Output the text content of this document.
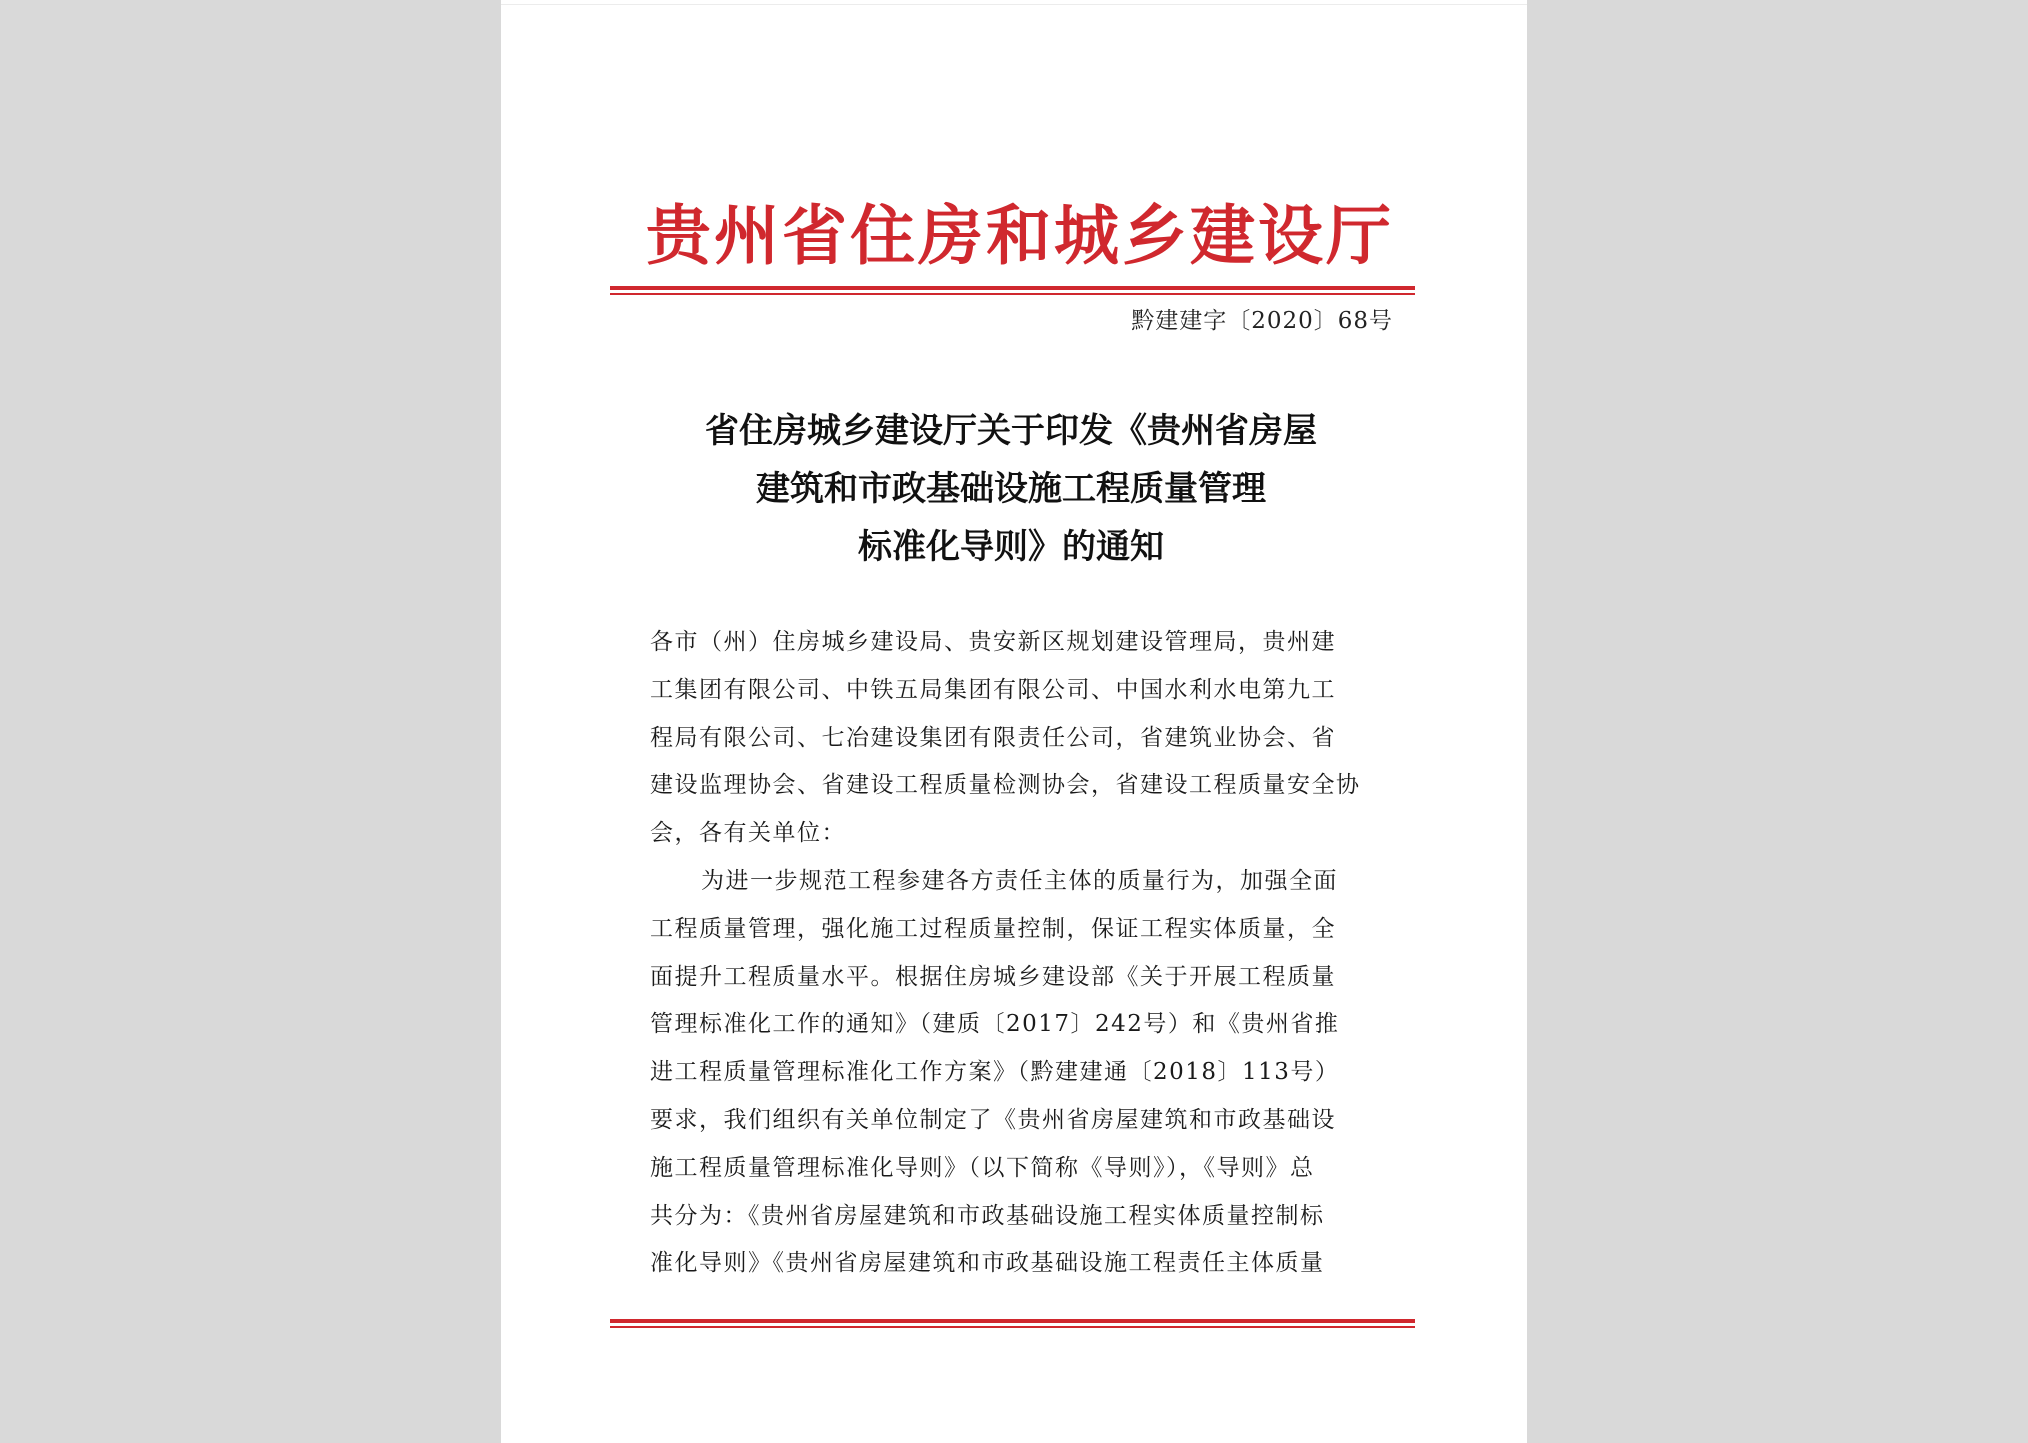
贵州省住房和城乡建设厅
黔建建字〔2020〕68号
省住房城乡建设厅关于印发《贵州省房屋
建筑和市政基础设施工程质量管理
标准化导则》的通知
各市（州）住房城乡建设局、贵安新区规划建设管理局，贵州建
工集团有限公司、中铁五局集团有限公司、中国水利水电第九工
程局有限公司、七冶建设集团有限责任公司，省建筑业协会、省
建设监理协会、省建设工程质量检测协会，省建设工程质量安全协
会，各有关单位：
为进一步规范工程参建各方责任主体的质量行为，加强全面
工程质量管理，强化施工过程质量控制，保证工程实体质量，全
面提升工程质量水平。根据住房城乡建设部《关于开展工程质量
管理标准化工作的通知》（建质〔2017〕242号）和《贵州省推
进工程质量管理标准化工作方案》（黔建建通〔2018〕113号）
要求，我们组织有关单位制定了《贵州省房屋建筑和市政基础设
施工程质量管理标准化导则》（以下简称《导则》），《导则》总
共分为：《贵州省房屋建筑和市政基础设施工程实体质量控制标
准化导则》《贵州省房屋建筑和市政基础设施工程责任主体质量
